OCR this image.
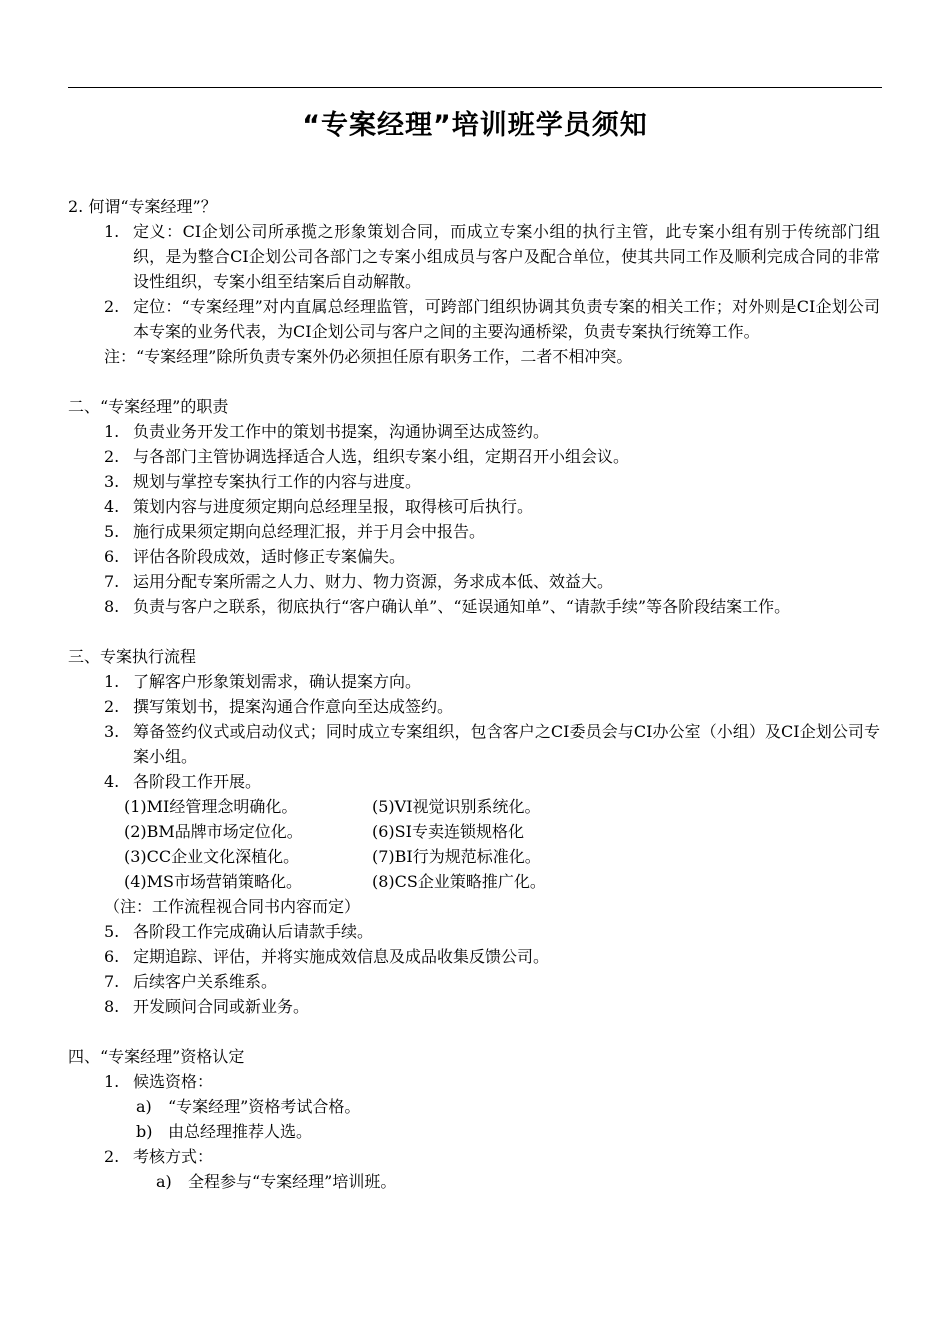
“专案经理”培训班学员须知
2. 何谓“专案经理”？
1. 定义：CI企划公司所承揽之形象策划合同，而成立专案小组的执行主管，此专案小组有别于传统部门组织，是为整合CI企划公司各部门之专案小组成员与客户及配合单位，使其共同工作及顺利完成合同的非常设性组织，专案小组至结案后自动解散。
2. 定位：“专案经理”对内直属总经理监管，可跨部门组织协调其负责专案的相关工作；对外则是CI企划公司本专案的业务代表，为CI企划公司与客户之间的主要沟通桥梁，负责专案执行统筹工作。
注：“专案经理”除所负责专案外仍必须担任原有职务工作，二者不相冲突。
二、“专案经理”的职责
1. 负责业务开发工作中的策划书提案，沟通协调至达成签约。
2. 与各部门主管协调选择适合人选，组织专案小组，定期召开小组会议。
3. 规划与掌控专案执行工作的内容与进度。
4. 策划内容与进度须定期向总经理呈报，取得核可后执行。
5. 施行成果须定期向总经理汇报，并于月会中报告。
6. 评估各阶段成效，适时修正专案偏失。
7. 运用分配专案所需之人力、财力、物力资源，务求成本低、效益大。
8. 负责与客户之联系，彻底执行“客户确认单”、“延误通知单”、“请款手续”等各阶段结案工作。
三、专案执行流程
1. 了解客户形象策划需求，确认提案方向。
2. 撰写策划书，提案沟通合作意向至达成签约。
3. 筹备签约仪式或启动仪式；同时成立专案组织，包含客户之CI委员会与CI办公室（小组）及CI企划公司专案小组。
4. 各阶段工作开展。
(1)MI经管理念明确化。	(5)VI视觉识别系统化。
(2)BM品牌市场定位化。	(6)SI专卖连锁规格化
(3)CC企业文化深植化。	(7)BI行为规范标准化。
(4)MS市场营销策略化。	(8)CS企业策略推广化。
（注：工作流程视合同书内容而定）
5. 各阶段工作完成确认后请款手续。
6. 定期追踪、评估，并将实施成效信息及成品收集反馈公司。
7. 后续客户关系维系。
8. 开发顾问合同或新业务。
四、“专案经理”资格认定
1. 候选资格：
a) “专案经理”资格考试合格。
b) 由总经理推荐人选。
2. 考核方式：
a) 全程参与“专案经理”培训班。
